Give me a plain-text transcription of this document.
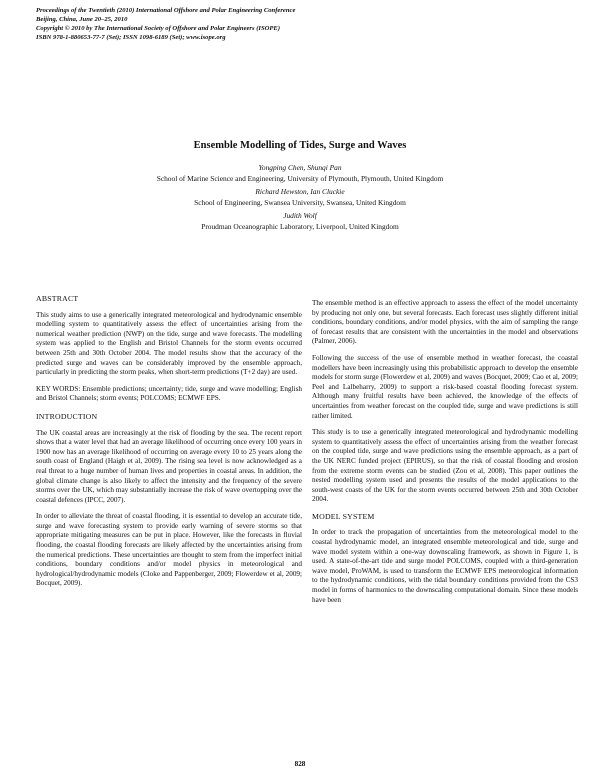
Proceedings of the Twentieth (2010) International Offshore and Polar Engineering Conference
Beijing, China, June 20–25, 2010
Copyright © 2010 by The International Society of Offshore and Polar Engineers (ISOPE)
ISBN 978-1-880653-77-7 (Set); ISSN 1098-6189 (Set); www.isope.org
Ensemble Modelling of Tides, Surge and Waves
Yongping Chen, Shunqi Pan
School of Marine Science and Engineering, University of Plymouth, Plymouth, United Kingdom
Richard Hewston, Ian Cluckie
School of Engineering, Swansea University, Swansea, United Kingdom
Judith Wolf
Proudman Oceanographic Laboratory, Liverpool, United Kingdom
ABSTRACT

This study aims to use a generically integrated meteorological and hydrodynamic ensemble modelling system to quantitatively assess the effect of uncertainties arising from the numerical weather prediction (NWP) on the tide, surge and wave forecasts. The modelling system was applied to the English and Bristol Channels for the storm events occurred between 25th and 30th October 2004. The model results show that the accuracy of the predicted surge and waves can be considerably improved by the ensemble approach, particularly in predicting the storm peaks, when short-term predictions (T+2 day) are used.

KEY WORDS: Ensemble predictions; uncertainty; tide, surge and wave modelling; English and Bristol Channels; storm events; POLCOMS; ECMWF EPS.

INTRODUCTION

The UK coastal areas are increasingly at the risk of flooding by the sea. The recent report shows that a water level that had an average likelihood of occurring once every 100 years in 1900 now has an average likelihood of occurring on average every 10 to 25 years along the south coast of England (Haigh et al, 2009). The rising sea level is now acknowledged as a real threat to a huge number of human lives and properties in coastal areas. In addition, the global climate change is also likely to affect the intensity and the frequency of the severe storms over the UK, which may substantially increase the risk of wave overtopping over the coastal defences (IPCC, 2007).

In order to alleviate the threat of coastal flooding, it is essential to develop an accurate tide, surge and wave forecasting system to provide early warning of severe storms so that appropriate mitigating measures can be put in place. However, like the forecasts in fluvial flooding, the coastal flooding forecasts are likely affected by the uncertainties arising from the numerical predictions. These uncertainties are thought to stem from the imperfect initial conditions, boundary conditions and/or model physics in meteorological and hydrological/hydrodynamic models (Cloke and Pappenberger, 2009; Flowerdew et al, 2009; Bocquet, 2009).

The ensemble method is an effective approach to assess the effect of the model uncertainty by producing not only one, but several forecasts. Each forecast uses slightly different initial conditions, boundary conditions, and/or model physics, with the aim of sampling the range of forecast results that are consistent with the uncertainties in the model and observations (Palmer, 2006).

Following the success of the use of ensemble method in weather forecast, the coastal modellers have been increasingly using this probabilistic approach to develop the ensemble models for storm surge (Flowerdew et al, 2009) and waves (Bocquet, 2009; Cao et al, 2009; Peel and Lalbeharry, 2009) to support a risk-based coastal flooding forecast system. Although many fruitful results have been achieved, the knowledge of the effects of uncertainties from weather forecast on the coupled tide, surge and wave predictions is still rather limited.

This study is to use a generically integrated meteorological and hydrodynamic modelling system to quantitatively assess the effect of uncertainties arising from the weather forecast on the coupled tide, surge and wave predictions using the ensemble approach, as a part of the UK NERC funded project (EPIRUS), so that the risk of coastal flooding and erosion from the extreme storm events can be studied (Zou et al, 2008). This paper outlines the nested modelling system used and presents the results of the model applications to the south-west coasts of the UK for the storm events occurred between 25th and 30th October 2004.

MODEL SYSTEM

In order to track the propagation of uncertainties from the meteorological model to the coastal hydrodynamic model, an integrated ensemble meteorological and tide, surge and wave model system within a one-way downscaling framework, as shown in Figure 1, is used. A state-of-the-art tide and surge model POLCOMS, coupled with a third-generation wave model, ProWAM, is used to transform the ECMWF EPS meteorological information to the hydrodynamic conditions, with the tidal boundary conditions provided from the CS3 model in forms of harmonics to the downscaling computational domain. Since these models have been

828
